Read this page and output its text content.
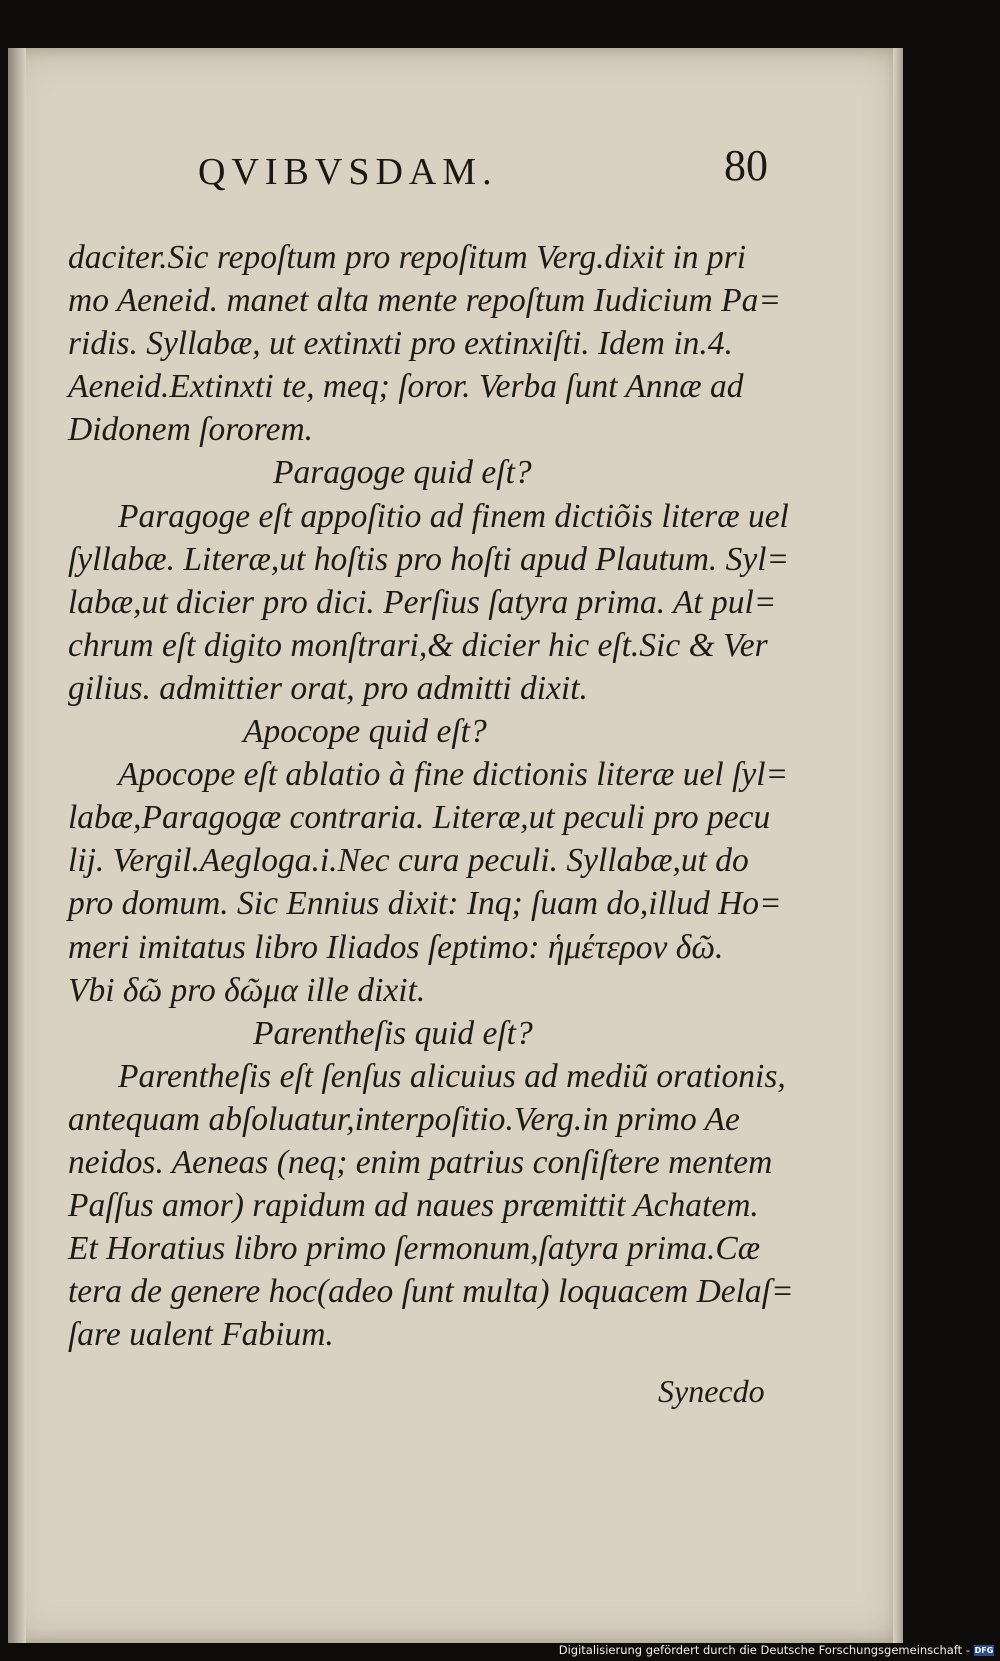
QVIBVSDAM.	80
daciter.Sic repoſtum pro repoſitum Verg.dixit in pri
mo Aeneid. manet alta mente repoſtum Iudicium Pa=
ridis. Syllabæ, ut extinxti pro extinxiſti. Idem in.4.
Aeneid.Extinxti te, meq; ſoror. Verba ſunt Annæ ad
Didonem ſororem.
Paragoge quid eſt?
Paragoge eſt appoſitio ad finem dictiõis literæ uel
ſyllabæ. Literæ,ut hoſtis pro hoſti apud Plautum. Syl=
labæ,ut dicier pro dici. Perſius ſatyra prima. At pul=
chrum eſt digito monſtrari,& dicier hic eſt.Sic & Ver
gilius. admittier orat, pro admitti dixit.
Apocope quid eſt?
Apocope eſt ablatio à fine dictionis literæ uel ſyl=
labæ,Paragogæ contraria. Literæ,ut peculi pro pecu
lij. Vergil.Aegloga.i.Nec cura peculi. Syllabæ,ut do
pro domum. Sic Ennius dixit: Inq; ſuam do,illud Ho=
meri imitatus libro Iliados ſeptimo: ἡμέτερον δῶ.
Vbi δῶ pro δῶμα ille dixit.
Parentheſis quid eſt?
Parentheſis eſt ſenſus alicuius ad mediũ orationis,
antequam abſoluatur,interpoſitio.Verg.in primo Ae
neidos. Aeneas (neq; enim patrius conſiſtere mentem
Paſſus amor) rapidum ad naues præmittit Achatem.
Et Horatius libro primo ſermonum,ſatyra prima.Cæ
tera de genere hoc(adeo ſunt multa) loquacem Delaſ=
ſare ualent Fabium.
Synecdo
Digitalisierung gefördert durch die Deutsche Forschungsgemeinschaft - DFG
